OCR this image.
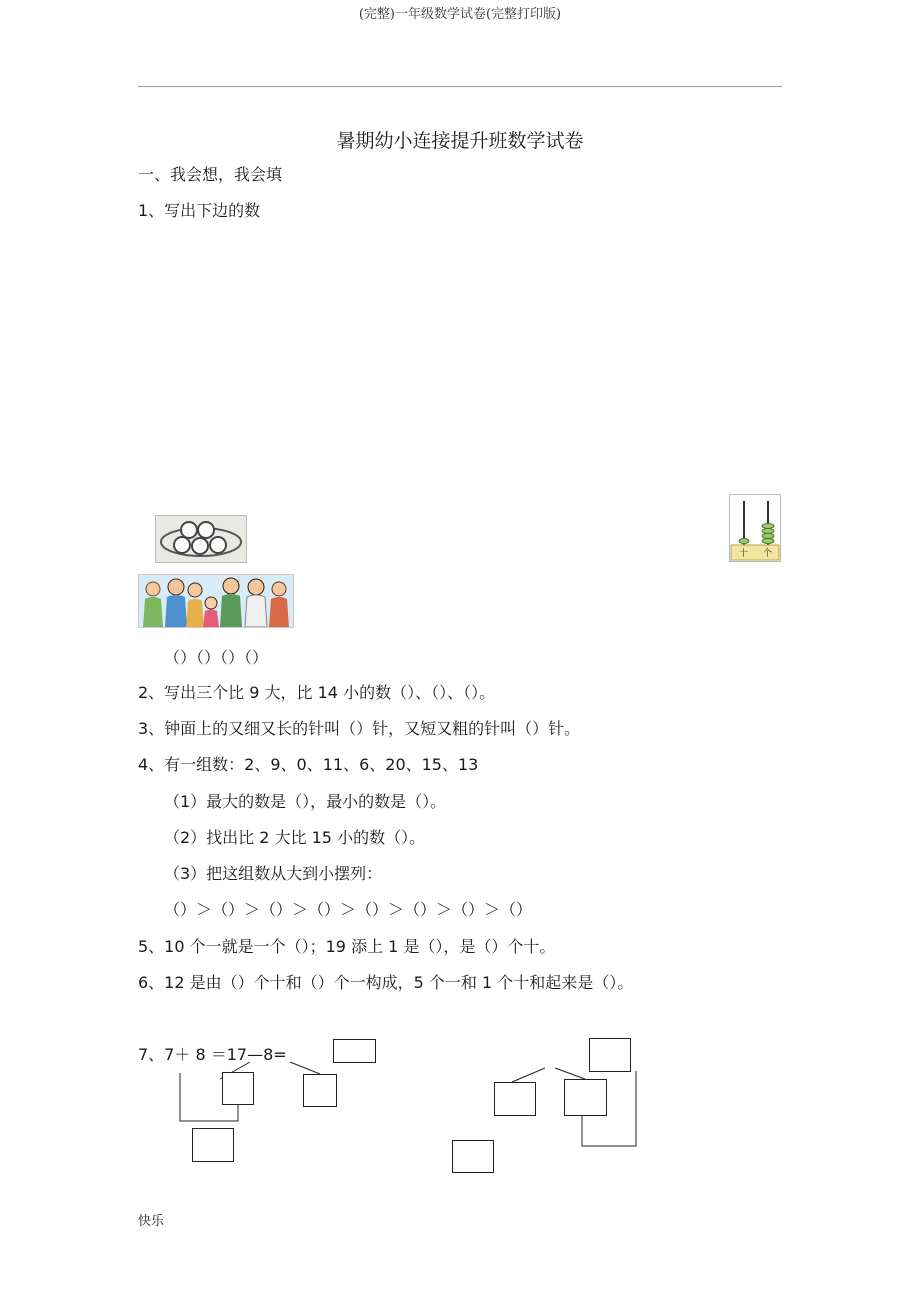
(完整)一年级数学试卷(完整打印版)
暑期幼小连接提升班数学试卷
一、我会想，我会填
1、写出下边的数
十 个
（）（）（）（）
2、写出三个比 9 大，比 14 小的数（）、（）、（）。
3、钟面上的又细又长的针叫（）针，又短又粗的针叫（）针。
4、有一组数：2、9、0、11、6、20、15、13
（1）最大的数是（），最小的数是（）。
（2）找出比 2 大比 15 小的数（）。
（3）把这组数从大到小摆列：
（）＞（）＞（）＞（）＞（）＞（）＞（）＞（）
5、10 个一就是一个（）；19 添上 1 是（），是（）个十。
6、12 是由（）个十和（）个一构成，5 个一和 1 个十和起来是（）。
7、7＋ 8 ＝17—8=
快乐
